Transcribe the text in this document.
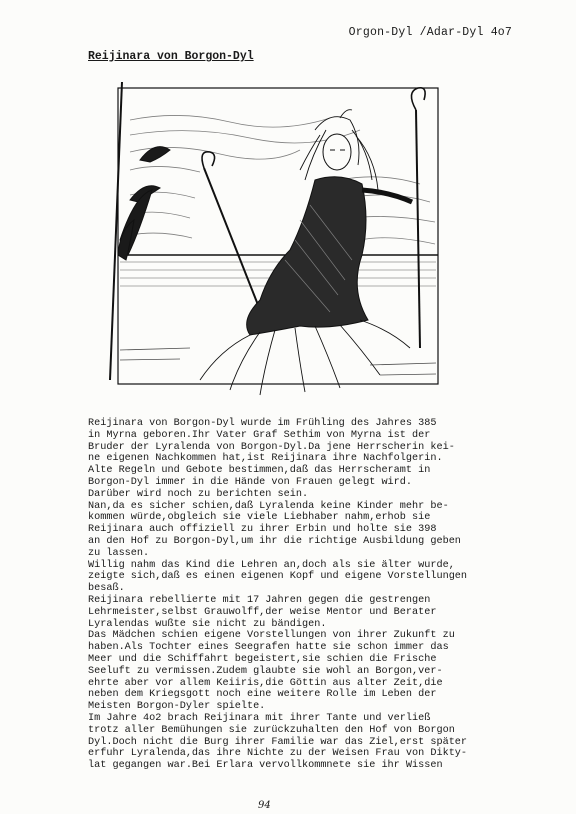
Orgon-Dyl /Adar-Dyl 4o7
Reijinara von Borgon-Dyl
Reijinara von Borgon-Dyl wurde im Frühling des Jahres 385
in Myrna geboren.Ihr Vater Graf Sethim von Myrna ist der
Bruder der Lyralenda von Borgon-Dyl.Da jene Herrscherin kei-
ne eigenen Nachkommen hat,ist Reijinara ihre Nachfolgerin.
Alte Regeln und Gebote bestimmen,daß das Herrscheramt in
Borgon-Dyl immer in die Hände von Frauen gelegt wird.
Darüber wird noch zu berichten sein.
Nan,da es sicher schien,daß Lyralenda keine Kinder mehr be-
kommen würde,obgleich sie viele Liebhaber nahm,erhob sie
Reijinara auch offiziell zu ihrer Erbin und holte sie 398
an den Hof zu Borgon-Dyl,um ihr die richtige Ausbildung geben
zu lassen.
Willig nahm das Kind die Lehren an,doch als sie älter wurde,
zeigte sich,daß es einen eigenen Kopf und eigene Vorstellungen
besaß.
Reijinara rebellierte mit 17 Jahren gegen die gestrengen
Lehrmeister,selbst Grauwolff,der weise Mentor und Berater
Lyralendas wußte sie nicht zu bändigen.
Das Mädchen schien eigene Vorstellungen von ihrer Zukunft zu
haben.Als Tochter eines Seegrafen hatte sie schon immer das
Meer und die Schiffahrt begeistert,sie schien die Frische
Seeluft zu vermissen.Zudem glaubte sie wohl an Borgon,ver-
ehrte aber vor allem Keiiris,die Göttin aus alter Zeit,die
neben dem Kriegsgott noch eine weitere Rolle im Leben der
Meisten Borgon-Dyler spielte.
Im Jahre 4o2 brach Reijinara mit ihrer Tante und verließ
trotz aller Bemühungen sie zurückzuhalten den Hof von Borgon
Dyl.Doch nicht die Burg ihrer Familie war das Ziel,erst später
erfuhr Lyralenda,das ihre Nichte zu der Weisen Frau von Dikty-
lat gegangen war.Bei Erlara vervollkommnete sie ihr Wissen
94
